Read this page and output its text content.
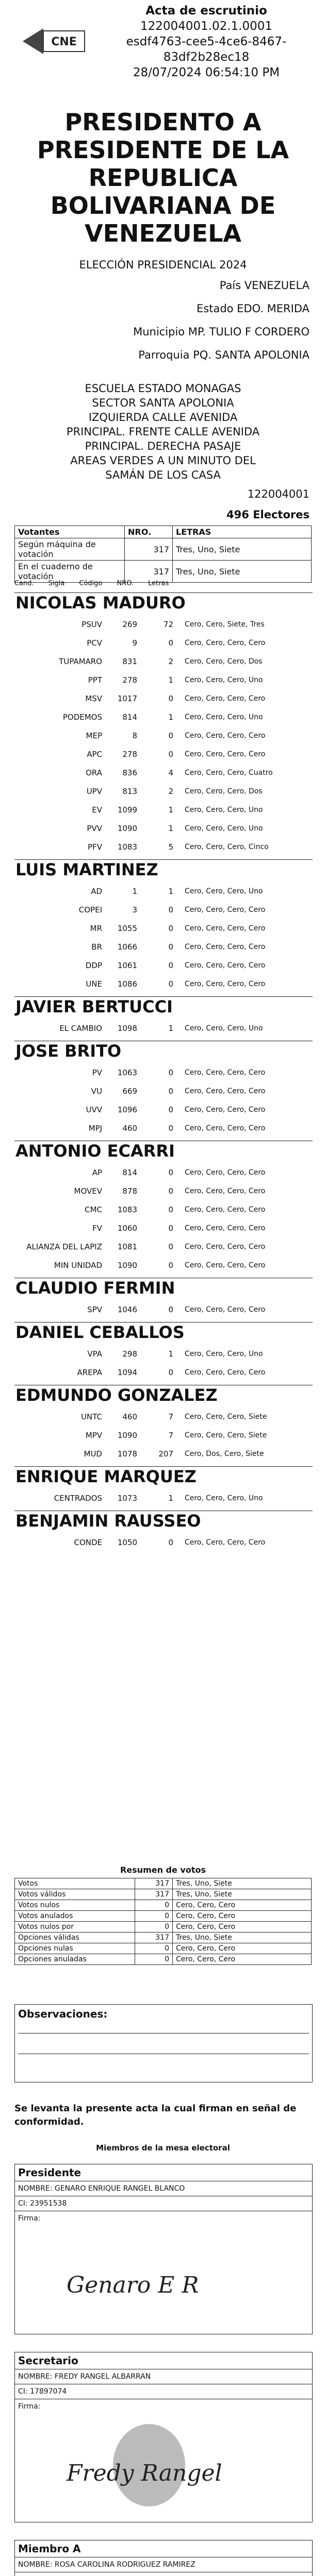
CNE
Acta de escrutinio
122004001.02.1.0001
esdf4763-cee5-4ce6-8467-
83df2b28ec18
28/07/2024 06:54:10 PM
PRESIDENTO A
PRESIDENTE DE LA
REPUBLICA
BOLIVARIANA DE
VENEZUELA
ELECCIÓN PRESIDENCIAL 2024
País VENEZUELA
Estado EDO. MERIDA
Municipio MP. TULIO F CORDERO
Parroquia PQ. SANTA APOLONIA
ESCUELA ESTADO MONAGAS
SECTOR SANTA APOLONIA
IZQUIERDA CALLE AVENIDA
PRINCIPAL. FRENTE CALLE AVENIDA
PRINCIPAL. DERECHA PASAJE
AREAS VERDES A UN MINUTO DEL
SAMÁN DE LOS CASA
122004001
496 Electores
Votantes	NRO.	LETRAS
Según máquina de votación	317	Tres, Uno, Siete
En el cuaderno de votación	317	Tres, Uno, Siete
Cand. Sigla Código NRO. Letras
NICOLAS MADURO
PSUV	269	72	Cero, Cero, Siete, Tres
PCV	9	0	Cero, Cero, Cero, Cero
TUPAMARO	831	2	Cero, Cero, Cero, Dos
PPT	278	1	Cero, Cero, Cero, Uno
MSV	1017	0	Cero, Cero, Cero, Cero
PODEMOS	814	1	Cero, Cero, Cero, Uno
MEP	8	0	Cero, Cero, Cero, Cero
APC	278	0	Cero, Cero, Cero, Cero
ORA	836	4	Cero, Cero, Cero, Cuatro
UPV	813	2	Cero, Cero, Cero, Dos
EV	1099	1	Cero, Cero, Cero, Uno
PVV	1090	1	Cero, Cero, Cero, Uno
PFV	1083	5	Cero, Cero, Cero, Cinco
LUIS MARTINEZ
AD	1	1	Cero, Cero, Cero, Uno
COPEI	3	0	Cero, Cero, Cero, Cero
MR	1055	0	Cero, Cero, Cero, Cero
BR	1066	0	Cero, Cero, Cero, Cero
DDP	1061	0	Cero, Cero, Cero, Cero
UNE	1086	0	Cero, Cero, Cero, Cero
JAVIER BERTUCCI
EL CAMBIO	1098	1	Cero, Cero, Cero, Uno
JOSE BRITO
PV	1063	0	Cero, Cero, Cero, Cero
VU	669	0	Cero, Cero, Cero, Cero
UVV	1096	0	Cero, Cero, Cero, Cero
MPJ	460	0	Cero, Cero, Cero, Cero
ANTONIO ECARRI
AP	814	0	Cero, Cero, Cero, Cero
MOVEV	878	0	Cero, Cero, Cero, Cero
CMC	1083	0	Cero, Cero, Cero, Cero
FV	1060	0	Cero, Cero, Cero, Cero
ALIANZA DEL LAPIZ	1081	0	Cero, Cero, Cero, Cero
MIN UNIDAD	1090	0	Cero, Cero, Cero, Cero
CLAUDIO FERMIN
SPV	1046	0	Cero, Cero, Cero, Cero
DANIEL CEBALLOS
VPA	298	1	Cero, Cero, Cero, Uno
AREPA	1094	0	Cero, Cero, Cero, Cero
EDMUNDO GONZALEZ
UNTC	460	7	Cero, Cero, Cero, Siete
MPV	1090	7	Cero, Cero, Cero, Siete
MUD	1078	207	Cero, Dos, Cero, Siete
ENRIQUE MARQUEZ
CENTRADOS	1073	1	Cero, Cero, Cero, Uno
BENJAMIN RAUSSEO
CONDE	1050	0	Cero, Cero, Cero, Cero
Resumen de votos
Votos	317	Tres, Uno, Siete
Votos válidos	317	Tres, Uno, Siete
Votos nulos	0	Cero, Cero, Cero
Votos anulados	0	Cero, Cero, Cero
Votos nulos por	0	Cero, Cero, Cero
Opciones válidas	317	Tres, Uno, Siete
Opciones nulas	0	Cero, Cero, Cero
Opciones anuladas	0	Cero, Cero, Cero
Observaciones:
Se levanta la presente acta la cual firman en señal de conformidad.
Miembros de la mesa electoral
Presidente
NOMBRE: GENARO ENRIQUE RANGEL BLANCO
CI: 23951538
Firma:
Genaro E R
Secretario
NOMBRE: FREDY RANGEL ALBARRAN
CI: 17897074
Firma:
Fredy Rangel
Miembro A
NOMBRE: ROSA CAROLINA RODRIGUEZ RAMIREZ
